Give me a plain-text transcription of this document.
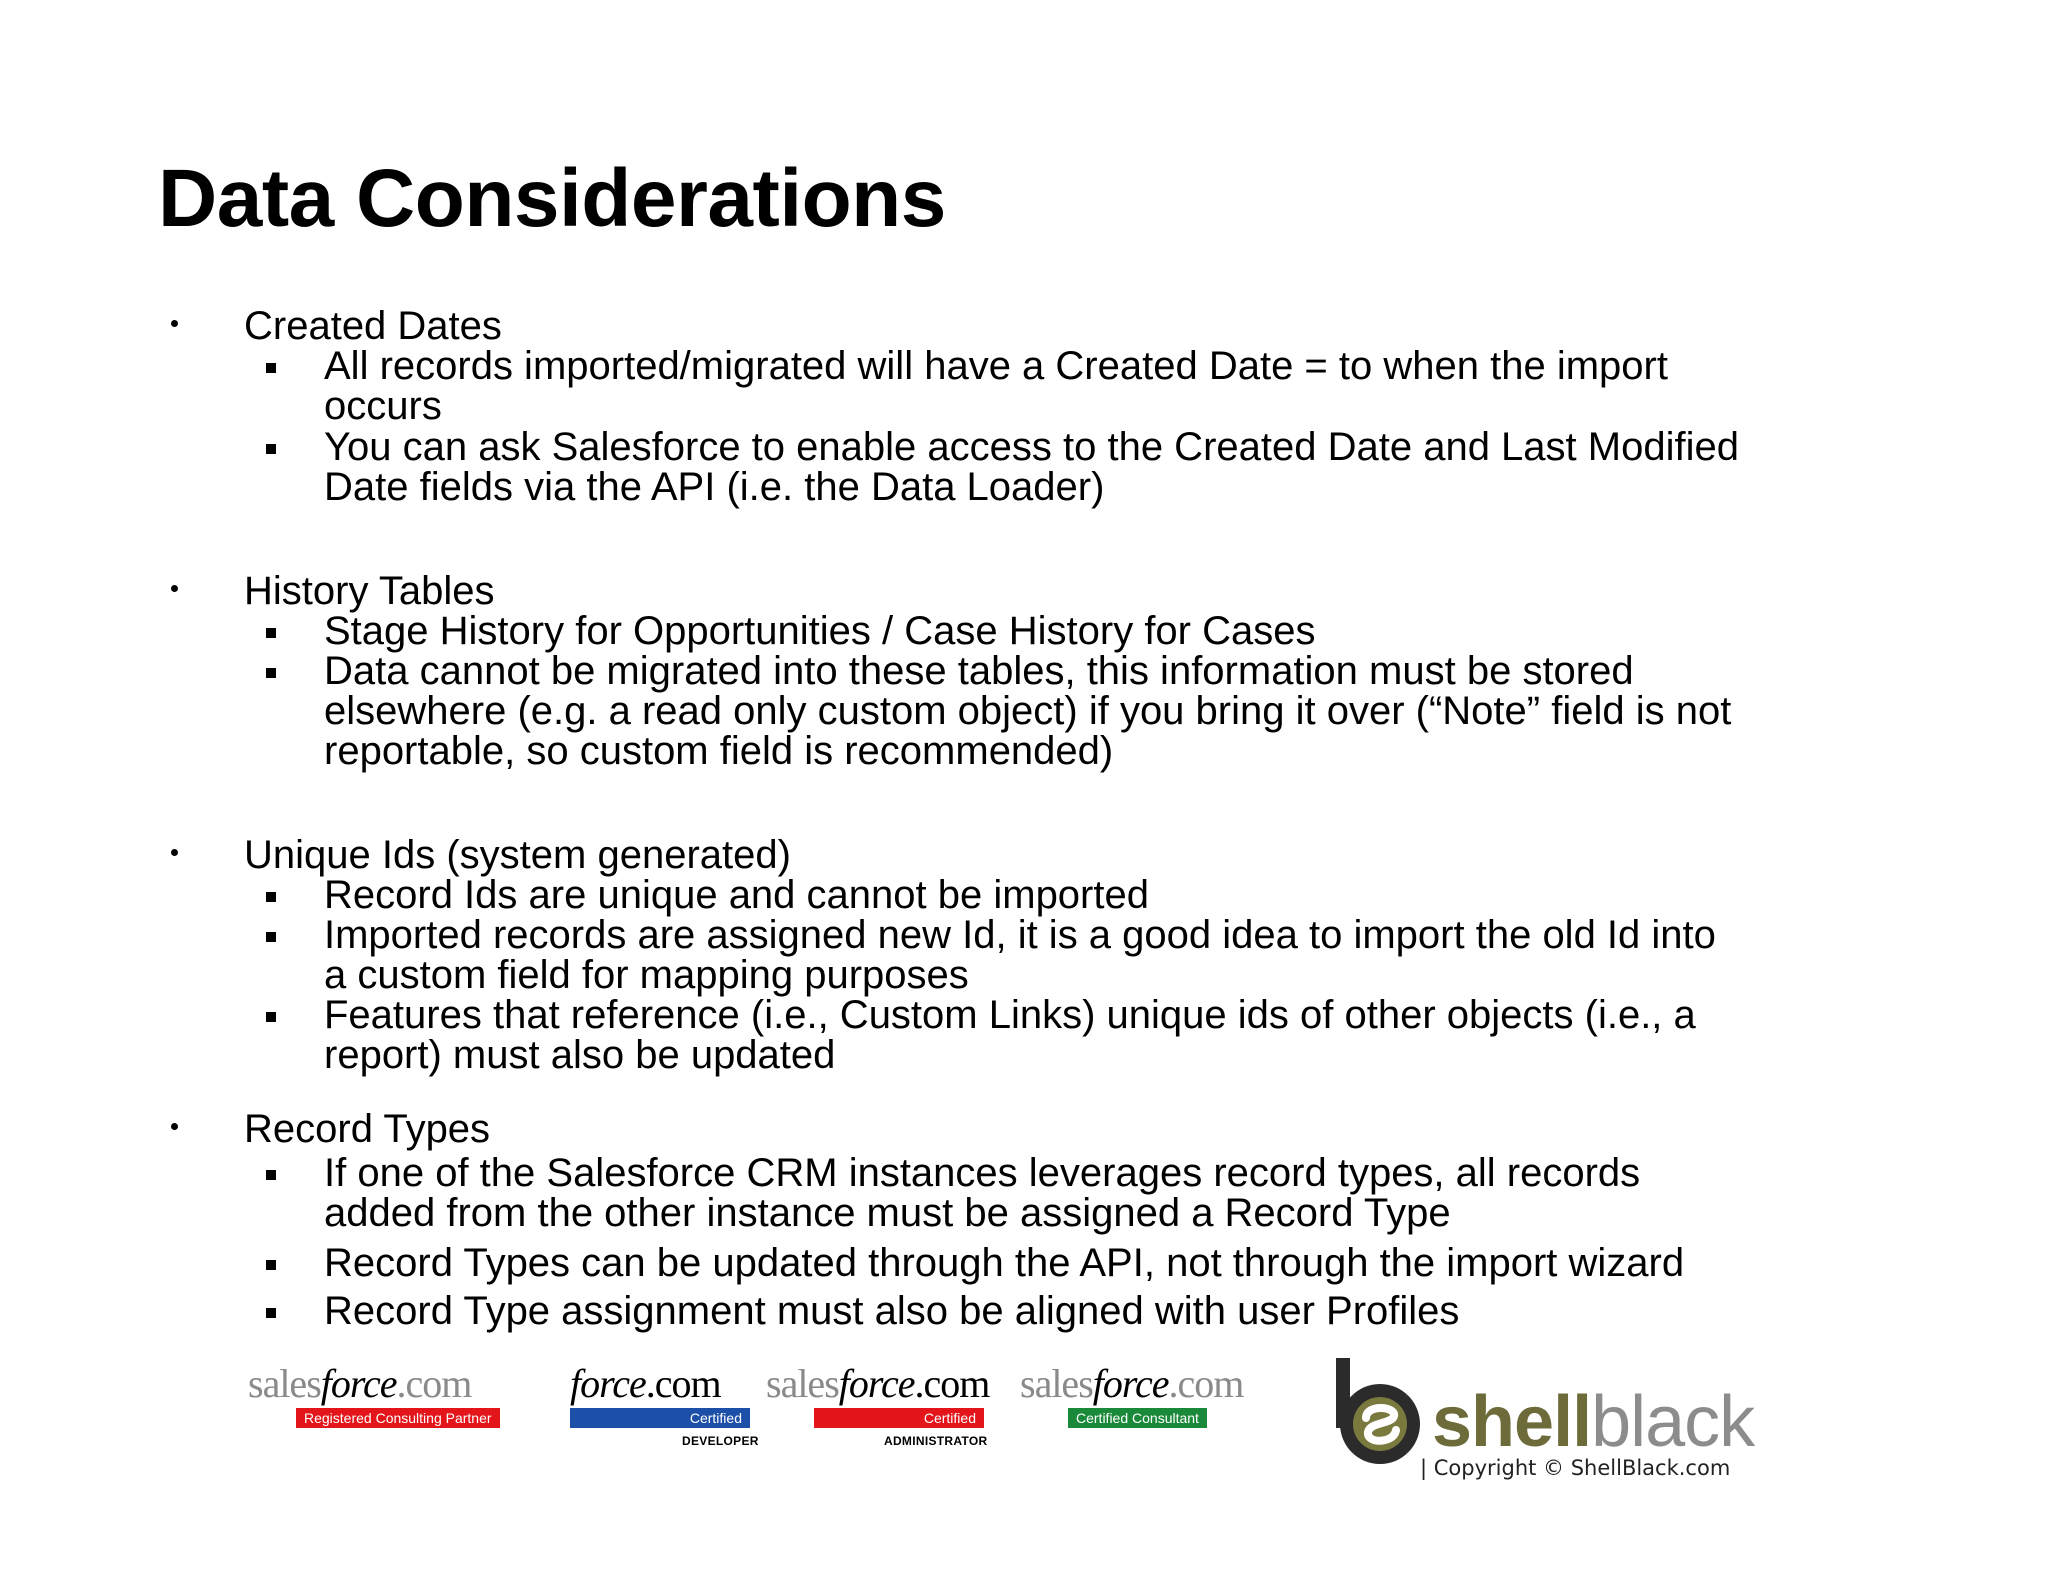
Data Considerations
Created Dates
All records imported/migrated will have a Created Date = to when the import
occurs
You can ask Salesforce to enable access to the Created Date and Last Modified
Date fields via the API (i.e. the Data Loader)
History Tables
Stage History for Opportunities / Case History for Cases
Data cannot be migrated into these tables, this information must be stored
elsewhere (e.g. a read only custom object) if you bring it over (“Note” field is not
reportable, so custom field is recommended)
Unique Ids (system generated)
Record Ids are unique and cannot be imported
Imported records are assigned new Id, it is a good idea to import the old Id into
a custom field for mapping purposes
Features that reference (i.e., Custom Links) unique ids of other objects (i.e., a
report) must also be updated
Record Types
If one of the Salesforce CRM instances leverages record types, all records
added from the other instance must be assigned a Record Type
Record Types can be updated through the API, not through the import wizard
Record Type assignment must also be aligned with user Profiles
salesforce.com
Registered Consulting Partner
force.com
Certified
DEVELOPER
salesforce.com
Certified
ADMINISTRATOR
salesforce.com
Certified Consultant	shellblack
| Copyright © ShellBlack.com
